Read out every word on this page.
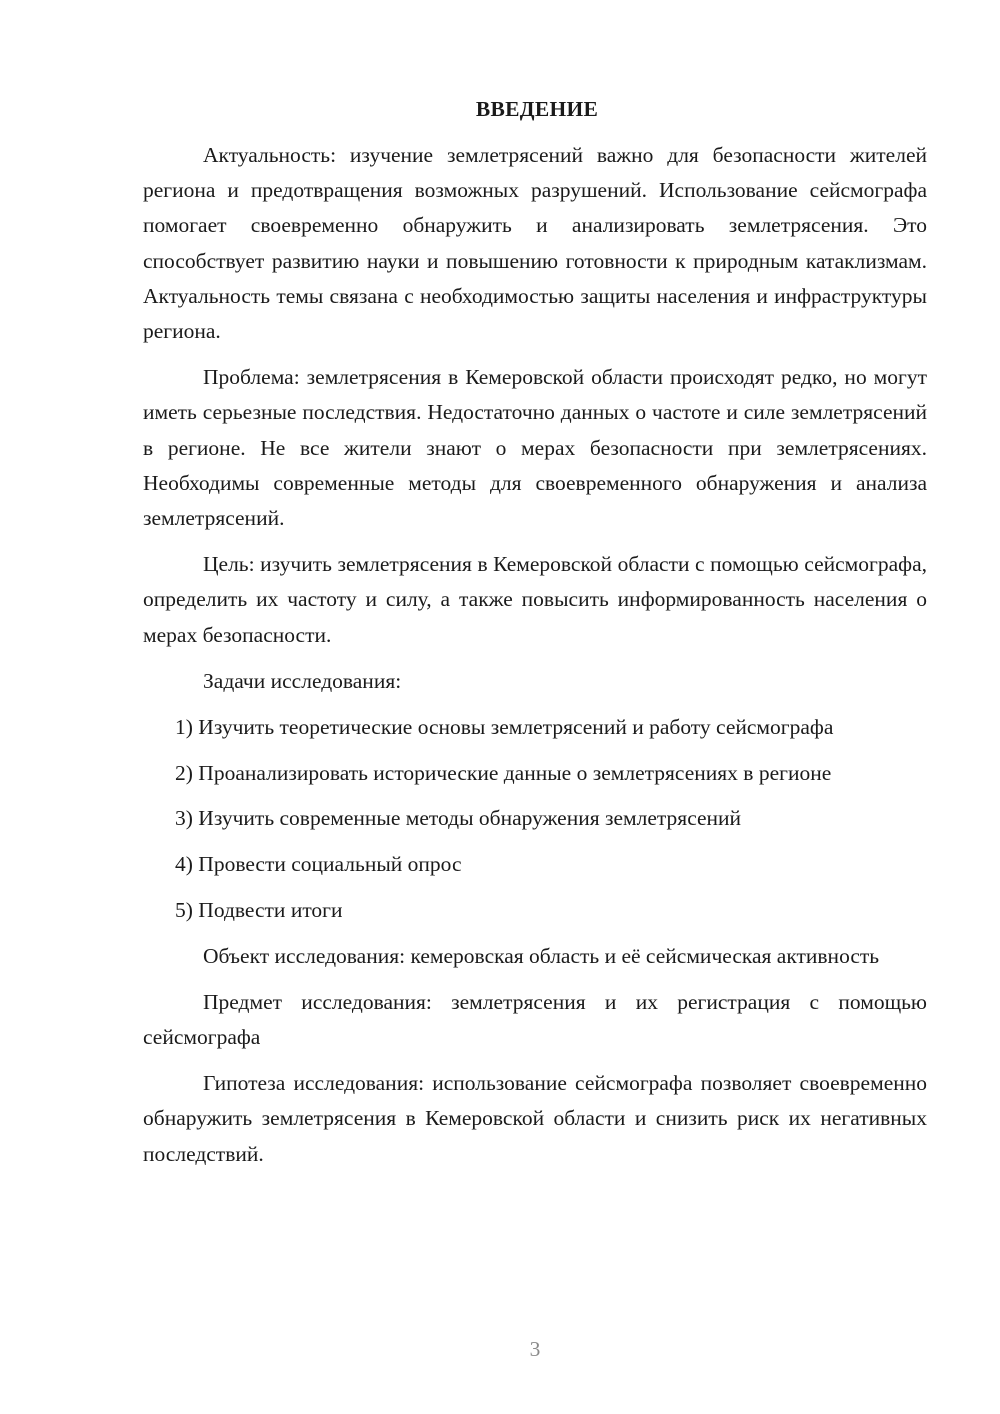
ВВЕДЕНИЕ

Актуальность: изучение землетрясений важно для безопасности жителей региона и предотвращения возможных разрушений. Использование сейсмографа помогает своевременно обнаружить и анализировать землетрясения. Это способствует развитию науки и повышению готовности к природным катаклизмам. Актуальность темы связана с необходимостью защиты населения и инфраструктуры региона.

Проблема: землетрясения в Кемеровской области происходят редко, но могут иметь серьезные последствия. Недостаточно данных о частоте и силе землетрясений в регионе. Не все жители знают о мерах безопасности при землетрясениях. Необходимы современные методы для своевременного обнаружения и анализа землетрясений.

Цель: изучить землетрясения в Кемеровской области с помощью сейсмографа, определить их частоту и силу, а также повысить информированность населения о мерах безопасности.

Задачи исследования:

1) Изучить теоретические основы землетрясений и работу сейсмографа

2) Проанализировать исторические данные о землетрясениях в регионе

3) Изучить современные методы обнаружения землетрясений

4) Провести социальный опрос

5) Подвести итоги

Объект исследования: кемеровская область и её сейсмическая активность

Предмет исследования: землетрясения и их регистрация с помощью сейсмографа

Гипотеза исследования: использование сейсмографа позволяет своевременно обнаружить землетрясения в Кемеровской области и снизить риск их негативных последствий.

3
